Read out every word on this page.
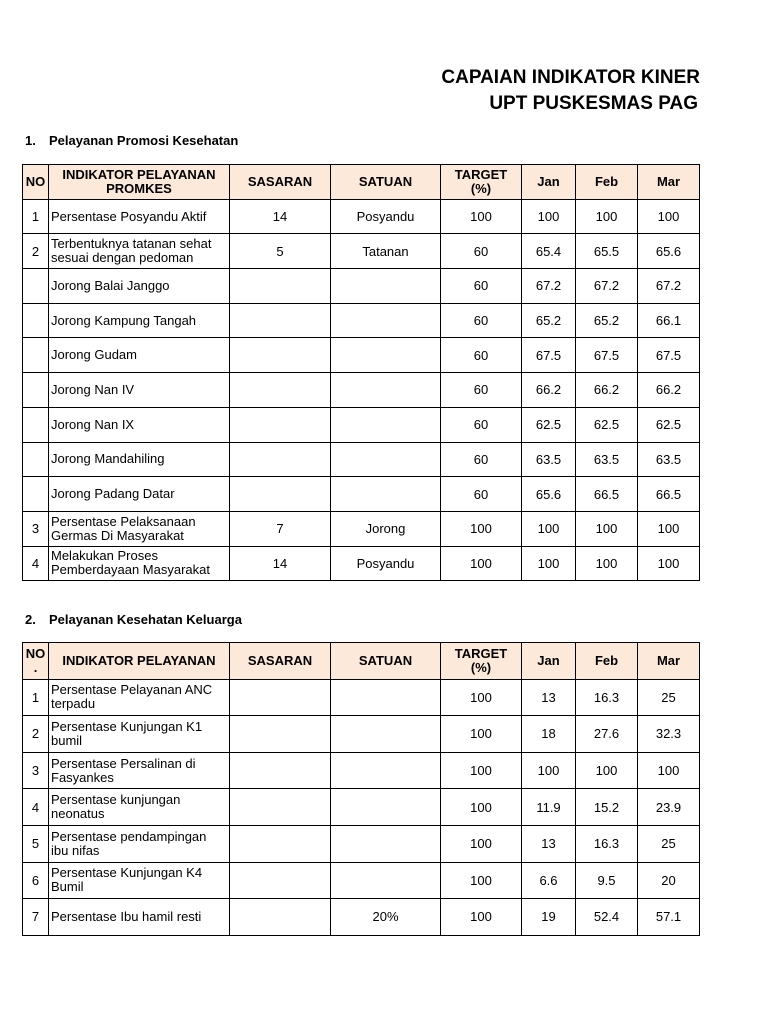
CAPAIAN INDIKATOR KINER
UPT PUSKESMAS PAG
1. Pelayanan Promosi Kesehatan
NO	INDIKATOR PELAYANAN PROMKES	SASARAN	SATUAN	TARGET (%)	Jan	Feb	Mar
1	Persentase Posyandu Aktif	14	Posyandu	100	100	100	100
2	Terbentuknya tatanan sehat sesuai dengan pedoman	5	Tatanan	60	65.4	65.5	65.6
	Jorong Balai Janggo			60	67.2	67.2	67.2
	Jorong Kampung Tangah			60	65.2	65.2	66.1
	Jorong Gudam			60	67.5	67.5	67.5
	Jorong Nan IV			60	66.2	66.2	66.2
	Jorong Nan IX			60	62.5	62.5	62.5
	Jorong Mandahiling			60	63.5	63.5	63.5
	Jorong Padang Datar			60	65.6	66.5	66.5
3	Persentase Pelaksanaan Germas Di Masyarakat	7	Jorong	100	100	100	100
4	Melakukan Proses Pemberdayaan Masyarakat	14	Posyandu	100	100	100	100
2. Pelayanan Kesehatan Keluarga
NO .	INDIKATOR PELAYANAN	SASARAN	SATUAN	TARGET (%)	Jan	Feb	Mar
1	Persentase Pelayanan ANC terpadu			100	13	16.3	25
2	Persentase Kunjungan K1 bumil			100	18	27.6	32.3
3	Persentase Persalinan di Fasyankes			100	100	100	100
4	Persentase kunjungan neonatus			100	11.9	15.2	23.9
5	Persentase pendampingan ibu nifas			100	13	16.3	25
6	Persentase Kunjungan K4 Bumil			100	6.6	9.5	20
7	Persentase Ibu hamil resti		20%	100	19	52.4	57.1
